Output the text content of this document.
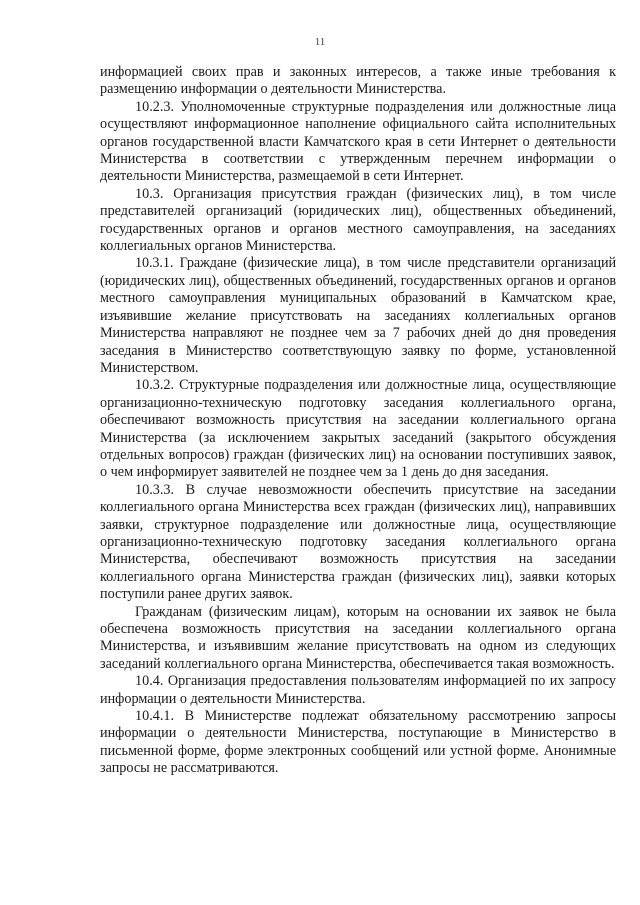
11

информацией своих прав и законных интересов, а также иные требования к размещению информации о деятельности Министерства.

10.2.3. Уполномоченные структурные подразделения или должностные лица осуществляют информационное наполнение официального сайта исполнительных органов государственной власти Камчатского края в сети Интернет о деятельности Министерства в соответствии с утвержденным перечнем информации о деятельности Министерства, размещаемой в сети Интернет.

10.3. Организация присутствия граждан (физических лиц), в том числе представителей организаций (юридических лиц), общественных объединений, государственных органов и органов местного самоуправления, на заседаниях коллегиальных органов Министерства.

10.3.1. Граждане (физические лица), в том числе представители организаций (юридических лиц), общественных объединений, государственных органов и органов местного самоуправления муниципальных образований в Камчатском крае, изъявившие желание присутствовать на заседаниях коллегиальных органов Министерства направляют не позднее чем за 7 рабочих дней до дня проведения заседания в Министерство соответствующую заявку по форме, установленной Министерством.

10.3.2. Структурные подразделения или должностные лица, осуществляющие организационно-техническую подготовку заседания коллегиального органа, обеспечивают возможность присутствия на заседании коллегиального органа Министерства (за исключением закрытых заседаний (закрытого обсуждения отдельных вопросов) граждан (физических лиц) на основании поступивших заявок, о чем информирует заявителей не позднее чем за 1 день до дня заседания.

10.3.3. В случае невозможности обеспечить присутствие на заседании коллегиального органа Министерства всех граждан (физических лиц), направивших заявки, структурное подразделение или должностные лица, осуществляющие организационно-техническую подготовку заседания коллегиального органа Министерства, обеспечивают возможность присутствия на заседании коллегиального органа Министерства граждан (физических лиц), заявки которых поступили ранее других заявок.

Гражданам (физическим лицам), которым на основании их заявок не была обеспечена возможность присутствия на заседании коллегиального органа Министерства, и изъявившим желание присутствовать на одном из следующих заседаний коллегиального органа Министерства, обеспечивается такая возможность.

10.4. Организация предоставления пользователям информацией по их запросу информации о деятельности Министерства.

10.4.1. В Министерстве подлежат обязательному рассмотрению запросы информации о деятельности Министерства, поступающие в Министерство в письменной форме, форме электронных сообщений или устной форме. Анонимные запросы не рассматриваются.
